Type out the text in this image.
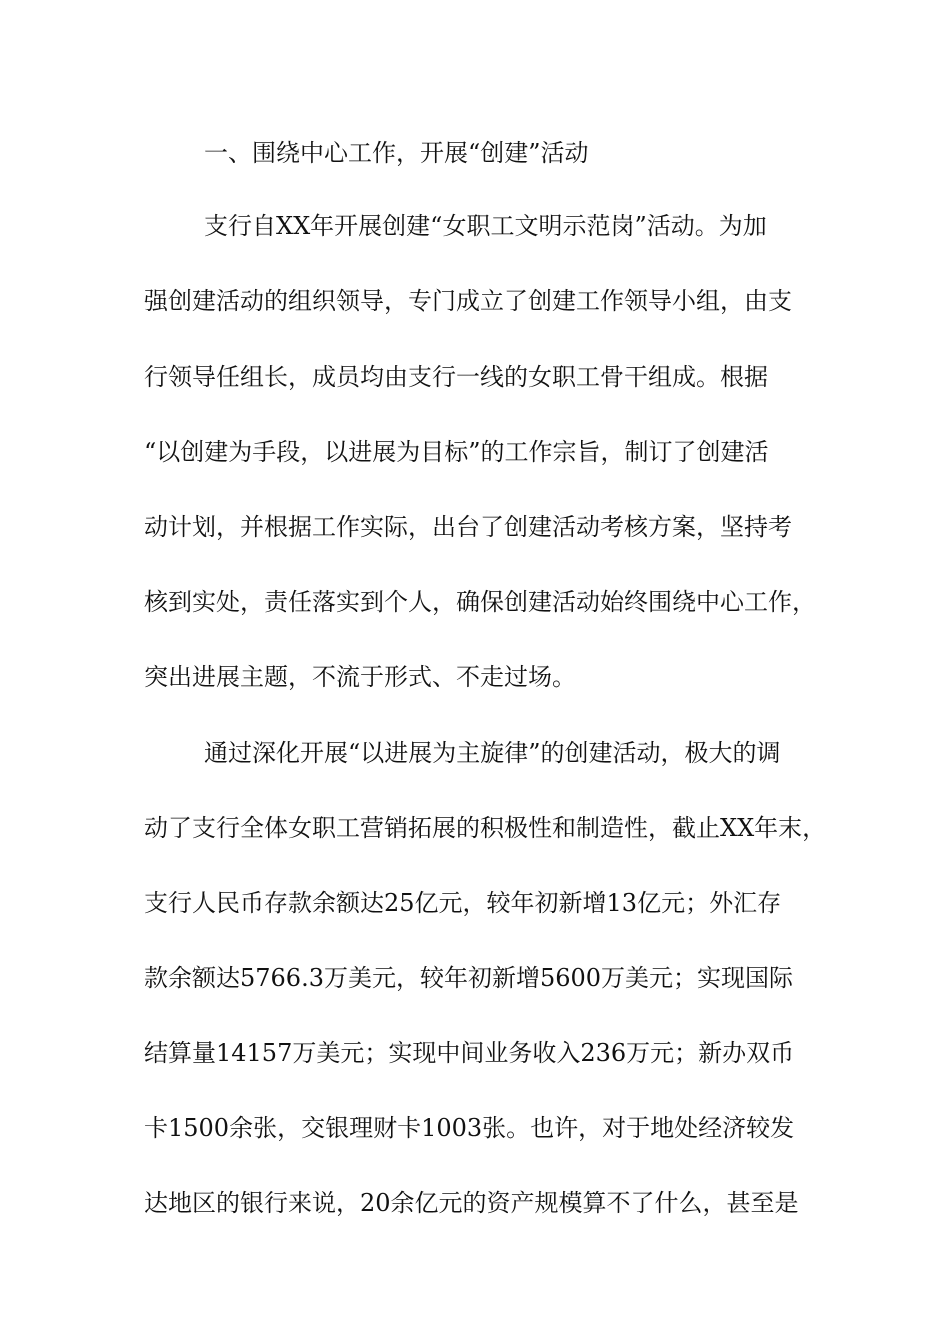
一、围绕中心工作，开展“创建”活动
支行自XX年开展创建“女职工文明示范岗”活动。为加
强创建活动的组织领导，专门成立了创建工作领导小组，由支
行领导任组长，成员均由支行一线的女职工骨干组成。根据
“以创建为手段，以进展为目标”的工作宗旨，制订了创建活
动计划，并根据工作实际，出台了创建活动考核方案，坚持考
核到实处，责任落实到个人，确保创建活动始终围绕中心工作，
突出进展主题，不流于形式、不走过场。
通过深化开展“以进展为主旋律”的创建活动，极大的调
动了支行全体女职工营销拓展的积极性和制造性，截止XX年末，
支行人民币存款余额达25亿元，较年初新增13亿元；外汇存
款余额达5766.3万美元，较年初新增5600万美元；实现国际
结算量14157万美元；实现中间业务收入236万元；新办双币
卡1500余张，交银理财卡1003张。也许，对于地处经济较发
达地区的银行来说，20余亿元的资产规模算不了什么，甚至是
